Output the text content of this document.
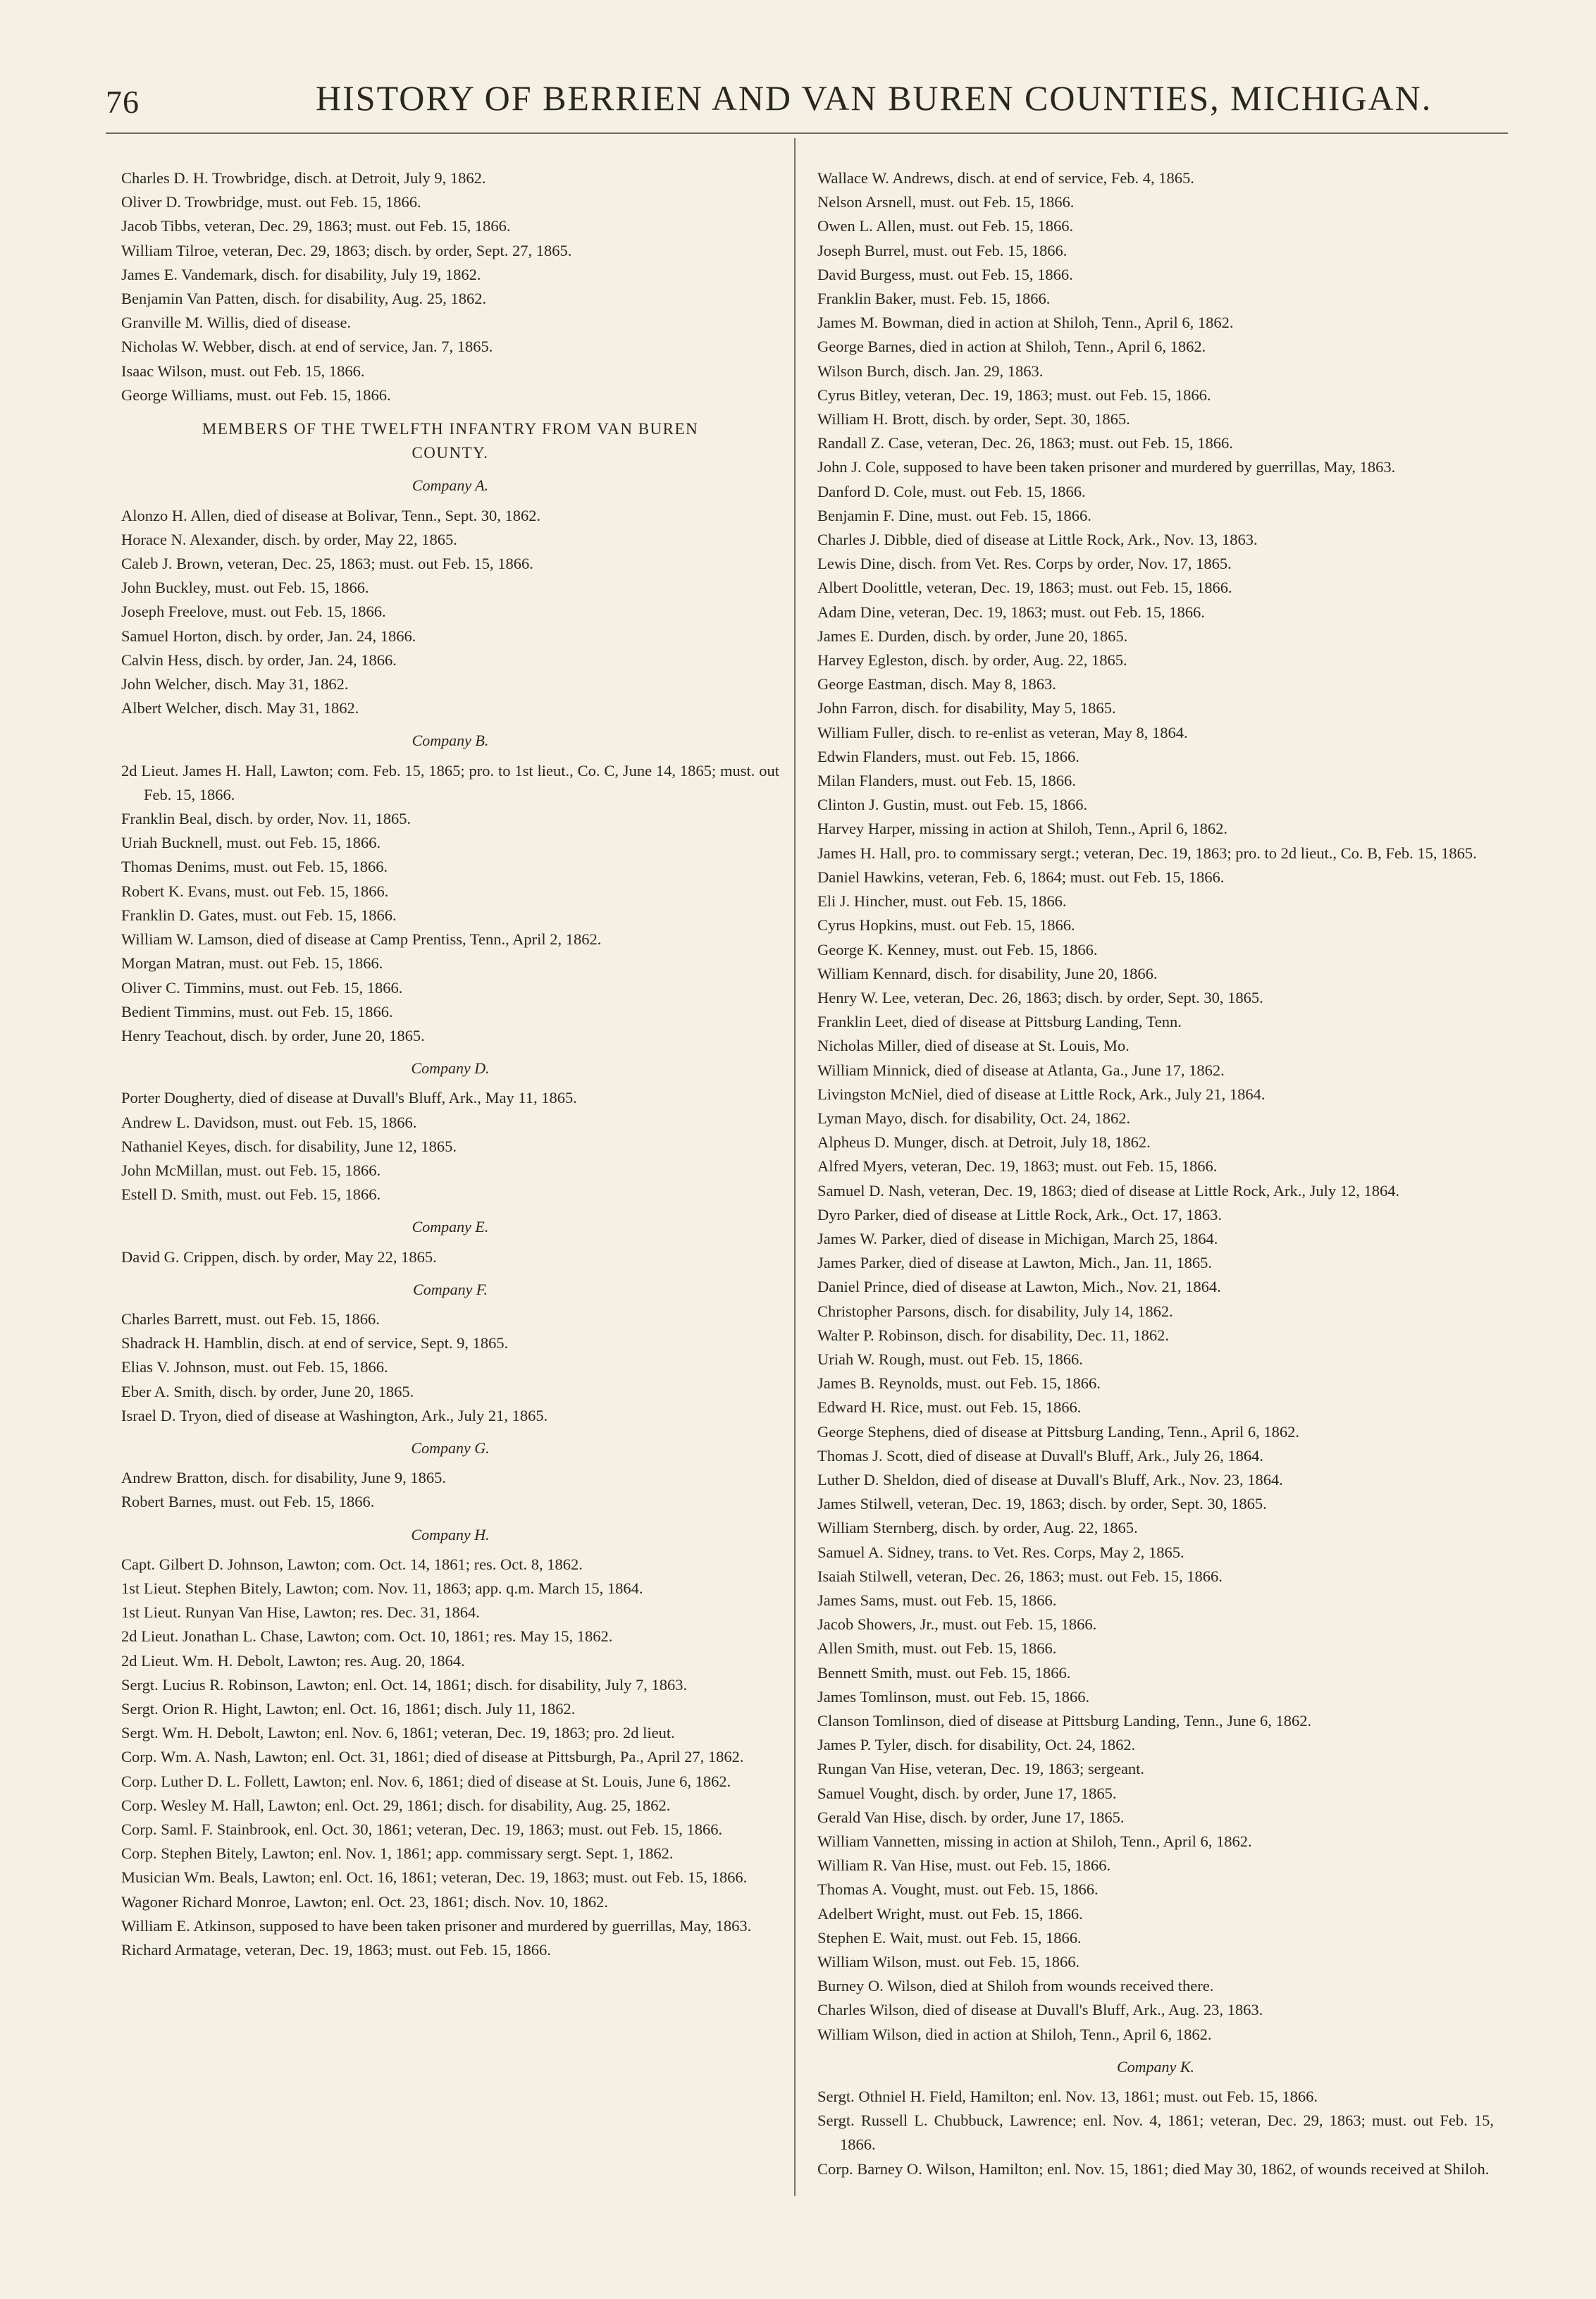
76	HISTORY OF BERRIEN AND VAN BUREN COUNTIES, MICHIGAN.

Charles D. H. Trowbridge, disch. at Detroit, July 9, 1862.

Oliver D. Trowbridge, must. out Feb. 15, 1866.

Jacob Tibbs, veteran, Dec. 29, 1863; must. out Feb. 15, 1866.

William Tilroe, veteran, Dec. 29, 1863; disch. by order, Sept. 27, 1865.

James E. Vandemark, disch. for disability, July 19, 1862.

Benjamin Van Patten, disch. for disability, Aug. 25, 1862.

Granville M. Willis, died of disease.

Nicholas W. Webber, disch. at end of service, Jan. 7, 1865.

Isaac Wilson, must. out Feb. 15, 1866.

George Williams, must. out Feb. 15, 1866.

MEMBERS OF THE TWELFTH INFANTRY FROM VAN BUREN
COUNTY.
Company A.

Alonzo H. Allen, died of disease at Bolivar, Tenn., Sept. 30, 1862.

Horace N. Alexander, disch. by order, May 22, 1865.

Caleb J. Brown, veteran, Dec. 25, 1863; must. out Feb. 15, 1866.

John Buckley, must. out Feb. 15, 1866.

Joseph Freelove, must. out Feb. 15, 1866.

Samuel Horton, disch. by order, Jan. 24, 1866.

Calvin Hess, disch. by order, Jan. 24, 1866.

John Welcher, disch. May 31, 1862.

Albert Welcher, disch. May 31, 1862.

Company B.

2d Lieut. James H. Hall, Lawton; com. Feb. 15, 1865; pro. to 1st lieut., Co. C, June 14, 1865; must. out Feb. 15, 1866.

Franklin Beal, disch. by order, Nov. 11, 1865.

Uriah Bucknell, must. out Feb. 15, 1866.

Thomas Denims, must. out Feb. 15, 1866.

Robert K. Evans, must. out Feb. 15, 1866.

Franklin D. Gates, must. out Feb. 15, 1866.

William W. Lamson, died of disease at Camp Prentiss, Tenn., April 2, 1862.

Morgan Matran, must. out Feb. 15, 1866.

Oliver C. Timmins, must. out Feb. 15, 1866.

Bedient Timmins, must. out Feb. 15, 1866.

Henry Teachout, disch. by order, June 20, 1865.

Company D.

Porter Dougherty, died of disease at Duvall's Bluff, Ark., May 11, 1865.

Andrew L. Davidson, must. out Feb. 15, 1866.

Nathaniel Keyes, disch. for disability, June 12, 1865.

John McMillan, must. out Feb. 15, 1866.

Estell D. Smith, must. out Feb. 15, 1866.

Company E.

David G. Crippen, disch. by order, May 22, 1865.

Company F.

Charles Barrett, must. out Feb. 15, 1866.

Shadrack H. Hamblin, disch. at end of service, Sept. 9, 1865.

Elias V. Johnson, must. out Feb. 15, 1866.

Eber A. Smith, disch. by order, June 20, 1865.

Israel D. Tryon, died of disease at Washington, Ark., July 21, 1865.

Company G.

Andrew Bratton, disch. for disability, June 9, 1865.

Robert Barnes, must. out Feb. 15, 1866.

Company H.

Capt. Gilbert D. Johnson, Lawton; com. Oct. 14, 1861; res. Oct. 8, 1862.

1st Lieut. Stephen Bitely, Lawton; com. Nov. 11, 1863; app. q.m. March 15, 1864.

1st Lieut. Runyan Van Hise, Lawton; res. Dec. 31, 1864.

2d Lieut. Jonathan L. Chase, Lawton; com. Oct. 10, 1861; res. May 15, 1862.

2d Lieut. Wm. H. Debolt, Lawton; res. Aug. 20, 1864.

Sergt. Lucius R. Robinson, Lawton; enl. Oct. 14, 1861; disch. for disability, July 7, 1863.

Sergt. Orion R. Hight, Lawton; enl. Oct. 16, 1861; disch. July 11, 1862.

Sergt. Wm. H. Debolt, Lawton; enl. Nov. 6, 1861; veteran, Dec. 19, 1863; pro. 2d lieut.

Corp. Wm. A. Nash, Lawton; enl. Oct. 31, 1861; died of disease at Pittsburgh, Pa., April 27, 1862.

Corp. Luther D. L. Follett, Lawton; enl. Nov. 6, 1861; died of disease at St. Louis, June 6, 1862.

Corp. Wesley M. Hall, Lawton; enl. Oct. 29, 1861; disch. for disability, Aug. 25, 1862.

Corp. Saml. F. Stainbrook, enl. Oct. 30, 1861; veteran, Dec. 19, 1863; must. out Feb. 15, 1866.

Corp. Stephen Bitely, Lawton; enl. Nov. 1, 1861; app. commissary sergt. Sept. 1, 1862.

Musician Wm. Beals, Lawton; enl. Oct. 16, 1861; veteran, Dec. 19, 1863; must. out Feb. 15, 1866.

Wagoner Richard Monroe, Lawton; enl. Oct. 23, 1861; disch. Nov. 10, 1862.

William E. Atkinson, supposed to have been taken prisoner and murdered by guerrillas, May, 1863.

Richard Armatage, veteran, Dec. 19, 1863; must. out Feb. 15, 1866.

Wallace W. Andrews, disch. at end of service, Feb. 4, 1865.

Nelson Arsnell, must. out Feb. 15, 1866.

Owen L. Allen, must. out Feb. 15, 1866.

Joseph Burrel, must. out Feb. 15, 1866.

David Burgess, must. out Feb. 15, 1866.

Franklin Baker, must. Feb. 15, 1866.

James M. Bowman, died in action at Shiloh, Tenn., April 6, 1862.

George Barnes, died in action at Shiloh, Tenn., April 6, 1862.

Wilson Burch, disch. Jan. 29, 1863.

Cyrus Bitley, veteran, Dec. 19, 1863; must. out Feb. 15, 1866.

William H. Brott, disch. by order, Sept. 30, 1865.

Randall Z. Case, veteran, Dec. 26, 1863; must. out Feb. 15, 1866.

John J. Cole, supposed to have been taken prisoner and murdered by guerrillas, May, 1863.

Danford D. Cole, must. out Feb. 15, 1866.

Benjamin F. Dine, must. out Feb. 15, 1866.

Charles J. Dibble, died of disease at Little Rock, Ark., Nov. 13, 1863.

Lewis Dine, disch. from Vet. Res. Corps by order, Nov. 17, 1865.

Albert Doolittle, veteran, Dec. 19, 1863; must. out Feb. 15, 1866.

Adam Dine, veteran, Dec. 19, 1863; must. out Feb. 15, 1866.

James E. Durden, disch. by order, June 20, 1865.

Harvey Egleston, disch. by order, Aug. 22, 1865.

George Eastman, disch. May 8, 1863.

John Farron, disch. for disability, May 5, 1865.

William Fuller, disch. to re-enlist as veteran, May 8, 1864.

Edwin Flanders, must. out Feb. 15, 1866.

Milan Flanders, must. out Feb. 15, 1866.

Clinton J. Gustin, must. out Feb. 15, 1866.

Harvey Harper, missing in action at Shiloh, Tenn., April 6, 1862.

James H. Hall, pro. to commissary sergt.; veteran, Dec. 19, 1863; pro. to 2d lieut., Co. B, Feb. 15, 1865.

Daniel Hawkins, veteran, Feb. 6, 1864; must. out Feb. 15, 1866.

Eli J. Hincher, must. out Feb. 15, 1866.

Cyrus Hopkins, must. out Feb. 15, 1866.

George K. Kenney, must. out Feb. 15, 1866.

William Kennard, disch. for disability, June 20, 1866.

Henry W. Lee, veteran, Dec. 26, 1863; disch. by order, Sept. 30, 1865.

Franklin Leet, died of disease at Pittsburg Landing, Tenn.

Nicholas Miller, died of disease at St. Louis, Mo.

William Minnick, died of disease at Atlanta, Ga., June 17, 1862.

Livingston McNiel, died of disease at Little Rock, Ark., July 21, 1864.

Lyman Mayo, disch. for disability, Oct. 24, 1862.

Alpheus D. Munger, disch. at Detroit, July 18, 1862.

Alfred Myers, veteran, Dec. 19, 1863; must. out Feb. 15, 1866.

Samuel D. Nash, veteran, Dec. 19, 1863; died of disease at Little Rock, Ark., July 12, 1864.

Dyro Parker, died of disease at Little Rock, Ark., Oct. 17, 1863.

James W. Parker, died of disease in Michigan, March 25, 1864.

James Parker, died of disease at Lawton, Mich., Jan. 11, 1865.

Daniel Prince, died of disease at Lawton, Mich., Nov. 21, 1864.

Christopher Parsons, disch. for disability, July 14, 1862.

Walter P. Robinson, disch. for disability, Dec. 11, 1862.

Uriah W. Rough, must. out Feb. 15, 1866.

James B. Reynolds, must. out Feb. 15, 1866.

Edward H. Rice, must. out Feb. 15, 1866.

George Stephens, died of disease at Pittsburg Landing, Tenn., April 6, 1862.

Thomas J. Scott, died of disease at Duvall's Bluff, Ark., July 26, 1864.

Luther D. Sheldon, died of disease at Duvall's Bluff, Ark., Nov. 23, 1864.

James Stilwell, veteran, Dec. 19, 1863; disch. by order, Sept. 30, 1865.

William Sternberg, disch. by order, Aug. 22, 1865.

Samuel A. Sidney, trans. to Vet. Res. Corps, May 2, 1865.

Isaiah Stilwell, veteran, Dec. 26, 1863; must. out Feb. 15, 1866.

James Sams, must. out Feb. 15, 1866.

Jacob Showers, Jr., must. out Feb. 15, 1866.

Allen Smith, must. out Feb. 15, 1866.

Bennett Smith, must. out Feb. 15, 1866.

James Tomlinson, must. out Feb. 15, 1866.

Clanson Tomlinson, died of disease at Pittsburg Landing, Tenn., June 6, 1862.

James P. Tyler, disch. for disability, Oct. 24, 1862.

Rungan Van Hise, veteran, Dec. 19, 1863; sergeant.

Samuel Vought, disch. by order, June 17, 1865.

Gerald Van Hise, disch. by order, June 17, 1865.

William Vannetten, missing in action at Shiloh, Tenn., April 6, 1862.

William R. Van Hise, must. out Feb. 15, 1866.

Thomas A. Vought, must. out Feb. 15, 1866.

Adelbert Wright, must. out Feb. 15, 1866.

Stephen E. Wait, must. out Feb. 15, 1866.

William Wilson, must. out Feb. 15, 1866.

Burney O. Wilson, died at Shiloh from wounds received there.

Charles Wilson, died of disease at Duvall's Bluff, Ark., Aug. 23, 1863.

William Wilson, died in action at Shiloh, Tenn., April 6, 1862.

Company K.

Sergt. Othniel H. Field, Hamilton; enl. Nov. 13, 1861; must. out Feb. 15, 1866.

Sergt. Russell L. Chubbuck, Lawrence; enl. Nov. 4, 1861; veteran, Dec. 29, 1863; must. out Feb. 15, 1866.

Corp. Barney O. Wilson, Hamilton; enl. Nov. 15, 1861; died May 30, 1862, of wounds received at Shiloh.
